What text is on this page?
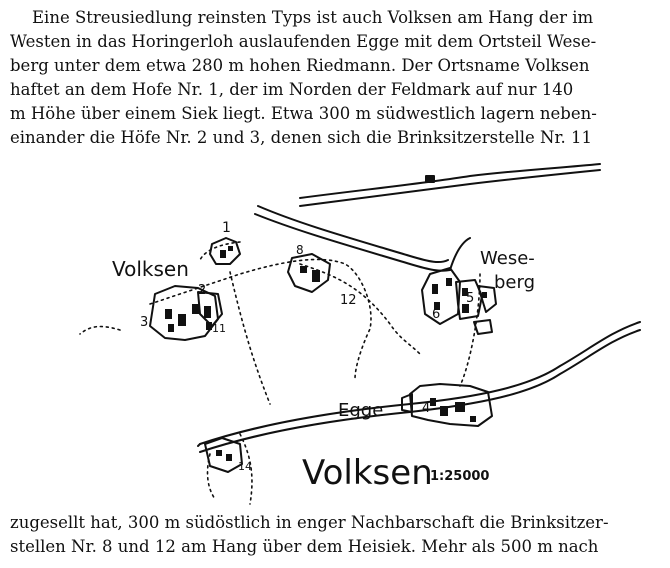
Eine Streusiedlung reinsten Typs ist auch Volksen am Hang der im
Westen in das Horingerloh auslaufenden Egge mit dem Ortsteil Wese-
berg unter dem etwa 280 m hohen Riedmann. Der Ortsname Volksen
haftet an dem Hofe Nr. 1, der im Norden der Feldmark auf nur 140
m Höhe über einem Siek liegt. Etwa 300 m südwestlich lagern neben-
einander die Höfe Nr. 2 und 3, denen sich die Brinksitzerstelle Nr. 11
Volksen	Wese-
berg
Egge
Volksen
1:25000
1
2
3	11
8
12
6
5
4
14
zugesellt hat, 300 m südöstlich in enger Nachbarschaft die Brinksitzer-
stellen Nr. 8 und 12 am Hang über dem Heisiek. Mehr als 500 m nach
